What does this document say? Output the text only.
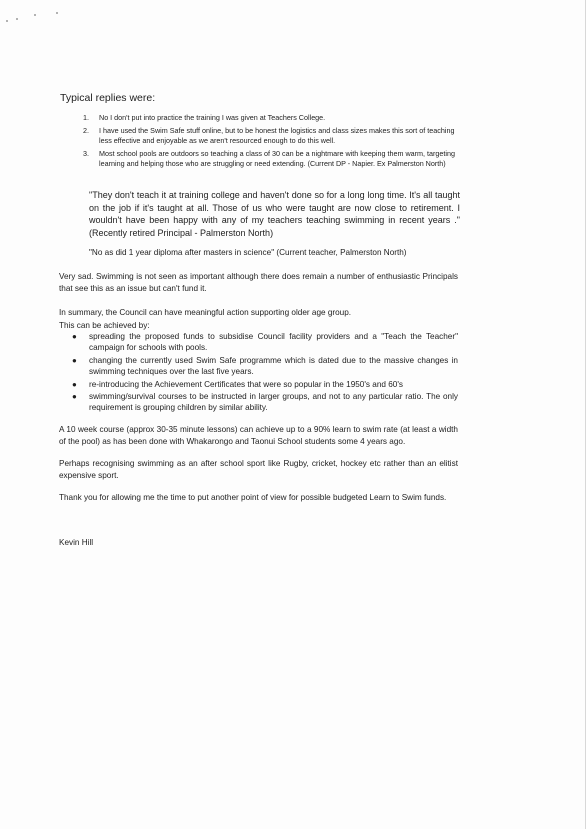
Typical replies were:
1. No I don't put into practice the training I was given at Teachers College.
2. I have used the Swim Safe stuff online, but to be honest the logistics and class sizes makes this sort of teaching less effective and enjoyable as we aren't resourced enough to do this well.
3. Most school pools are outdoors so teaching a class of 30 can be a nightmare with keeping them warm, targeting learning and helping those who are struggling or need extending. (Current DP - Napier. Ex Palmerston North)
"They don't teach it at training college and haven't done so for a long long time. It's all taught on the job if it's taught at all. Those of us who were taught are now close to retirement. I wouldn't have been happy with any of my teachers teaching swimming in recent years ." (Recently retired Principal - Palmerston North)
"No as did 1 year diploma after masters in science" (Current teacher, Palmerston North)
Very sad. Swimming is not seen as important although there does remain a number of enthusiastic Principals that see this as an issue but can't fund it.
In summary, the Council can have meaningful action supporting older age group.
This can be achieved by:
● spreading the proposed funds to subsidise Council facility providers and a "Teach the Teacher" campaign for schools with pools.
● changing the currently used Swim Safe programme which is dated due to the massive changes in swimming techniques over the last five years.
● re-introducing the Achievement Certificates that were so popular in the 1950's and 60's
● swimming/survival courses to be instructed in larger groups, and not to any particular ratio. The only requirement is grouping children by similar ability.
A 10 week course (approx 30-35 minute lessons) can achieve up to a 90% learn to swim rate (at least a width of the pool) as has been done with Whakarongo and Taonui School students some 4 years ago.
Perhaps recognising swimming as an after school sport like Rugby, cricket, hockey etc rather than an elitist expensive sport.
Thank you for allowing me the time to put another point of view for possible budgeted Learn to Swim funds.
Kevin Hill
